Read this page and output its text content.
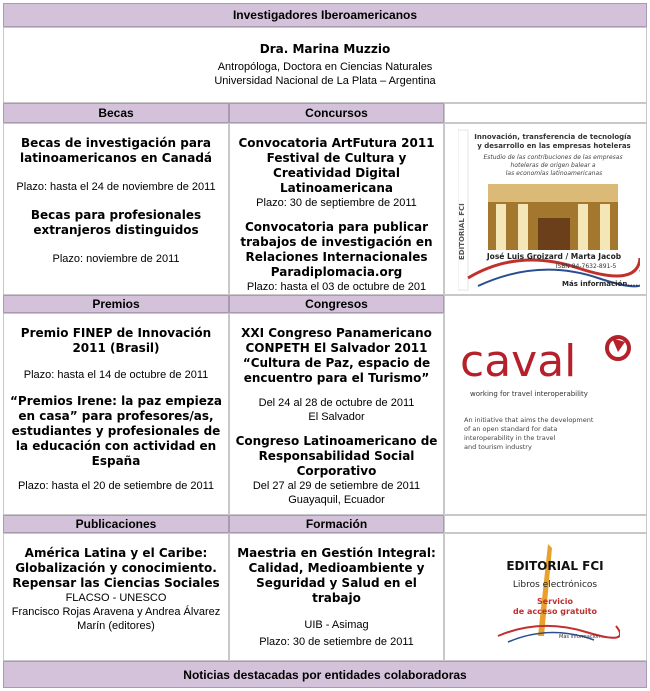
Investigadores Iberoamericanos

Dra. Marina Muzzio

Antropóloga, Doctora en Ciencias Naturales

Universidad Nacional de La Plata – Argentina

Becas	Concursos

Becas de investigación para latinoamericanos en Canadá

Plazo: hasta el 24 de noviembre de 2011

Becas para profesionales extranjeros distinguidos

Plazo: noviembre de 2011

Convocatoria ArtFutura 2011 Festival de Cultura y Creatividad Digital Latinoamericana

Plazo: 30 de septiembre de 2011

Convocatoria para publicar trabajos de investigación en Relaciones Internacionales Paradiplomacia.org

Plazo: hasta el 03 de octubre de 201

Innovación, transferencia de tecnología y desarrollo en las empresas hoteleras
Estudio de las contribuciones de las empresas hoteleras de origen balear a las economías latinoamericanas
EDITORIAL FCI	José Luis Groizard / Marta Jacob
ISBN 84-7632-891-5
Más información....
Premios	Congresos

Premio FINEP de Innovación 2011 (Brasil)

Plazo: hasta el 14 de octubre de 2011

“Premios Irene: la paz empieza en casa” para profesores/as, estudiantes y profesionales de la educación con actividad en España

Plazo: hasta el 20 de setiembre de 2011

XXI Congreso Panamericano CONPETH El Salvador 2011 “Cultura de Paz, espacio de encuentro para el Turismo”

Del 24 al 28 de octubre de 2011

El Salvador

Congreso Latinoamericano de Responsabilidad Social Corporativo

Del 27 al 29 de setiembre de 2011

Guayaquil, Ecuador

caval
working for travel interoperability
An initiative that aims the development of an open standard for data interoperability in the travel and tourism industry
Publicaciones	Formación

América Latina y el Caribe: Globalización y conocimiento. Repensar las Ciencias Sociales

FLACSO - UNESCO

Francisco Rojas Aravena y Andrea Álvarez Marín (editores)

Maestria en Gestión Integral: Calidad, Medioambiente y Seguridad y Salud en el trabajo

UIB - Asimag

Plazo: 30 de setiembre de 2011

EDITORIAL FCI
Libros electrónicos
Servicio
de acceso gratuito
Más información...
Noticias destacadas por entidades colaboradoras
